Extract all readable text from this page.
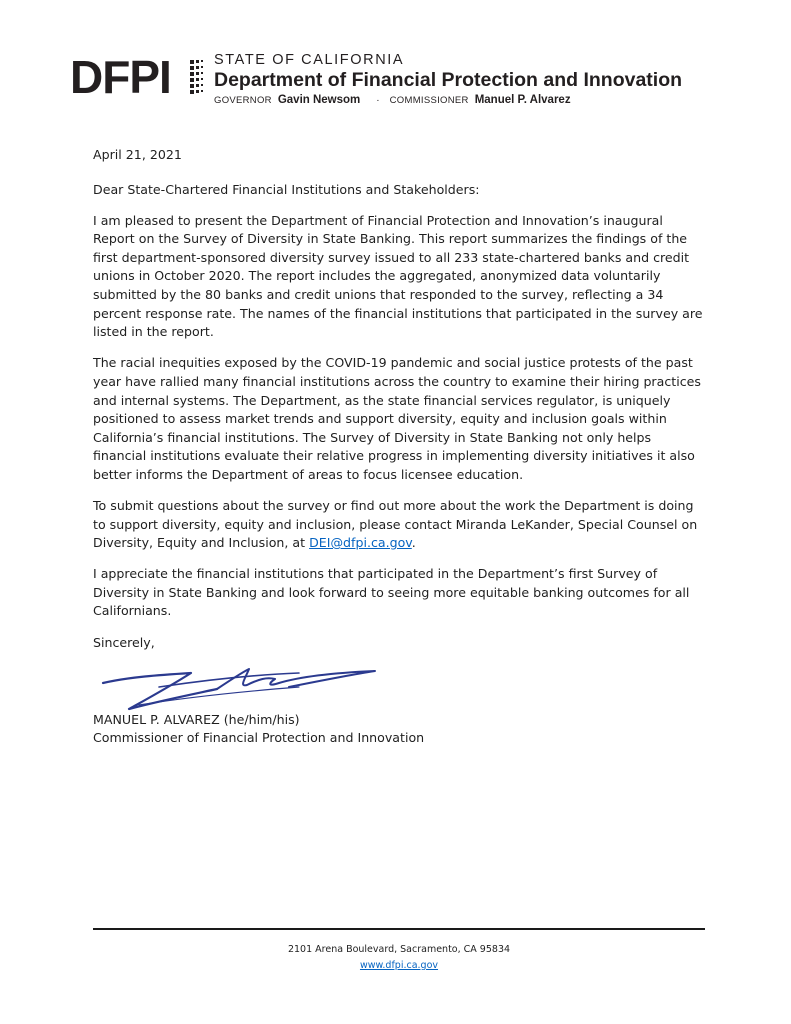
DFPI	STATE OF CALIFORNIA
Department of Financial Protection and Innovation
GOVERNOR Gavin Newsom · COMMISSIONER Manuel P. Alvarez

April 21, 2021

Dear State-Chartered Financial Institutions and Stakeholders:

I am pleased to present the Department of Financial Protection and Innovation’s inaugural Report on the Survey of Diversity in State Banking. This report summarizes the findings of the first department-sponsored diversity survey issued to all 233 state-chartered banks and credit unions in October 2020. The report includes the aggregated, anonymized data voluntarily submitted by the 80 banks and credit unions that responded to the survey, reflecting a 34 percent response rate. The names of the financial institutions that participated in the survey are listed in the report.

The racial inequities exposed by the COVID-19 pandemic and social justice protests of the past year have rallied many financial institutions across the country to examine their hiring practices and internal systems. The Department, as the state financial services regulator, is uniquely positioned to assess market trends and support diversity, equity and inclusion goals within California’s financial institutions. The Survey of Diversity in State Banking not only helps financial institutions evaluate their relative progress in implementing diversity initiatives it also better informs the Department of areas to focus licensee education.

To submit questions about the survey or find out more about the work the Department is doing to support diversity, equity and inclusion, please contact Miranda LeKander, Special Counsel on Diversity, Equity and Inclusion, at DEI@dfpi.ca.gov.

I appreciate the financial institutions that participated in the Department’s first Survey of Diversity in State Banking and look forward to seeing more equitable banking outcomes for all Californians.

Sincerely,

MANUEL P. ALVAREZ (he/him/his)

Commissioner of Financial Protection and Innovation

2101 Arena Boulevard, Sacramento, CA 95834
www.dfpi.ca.gov
